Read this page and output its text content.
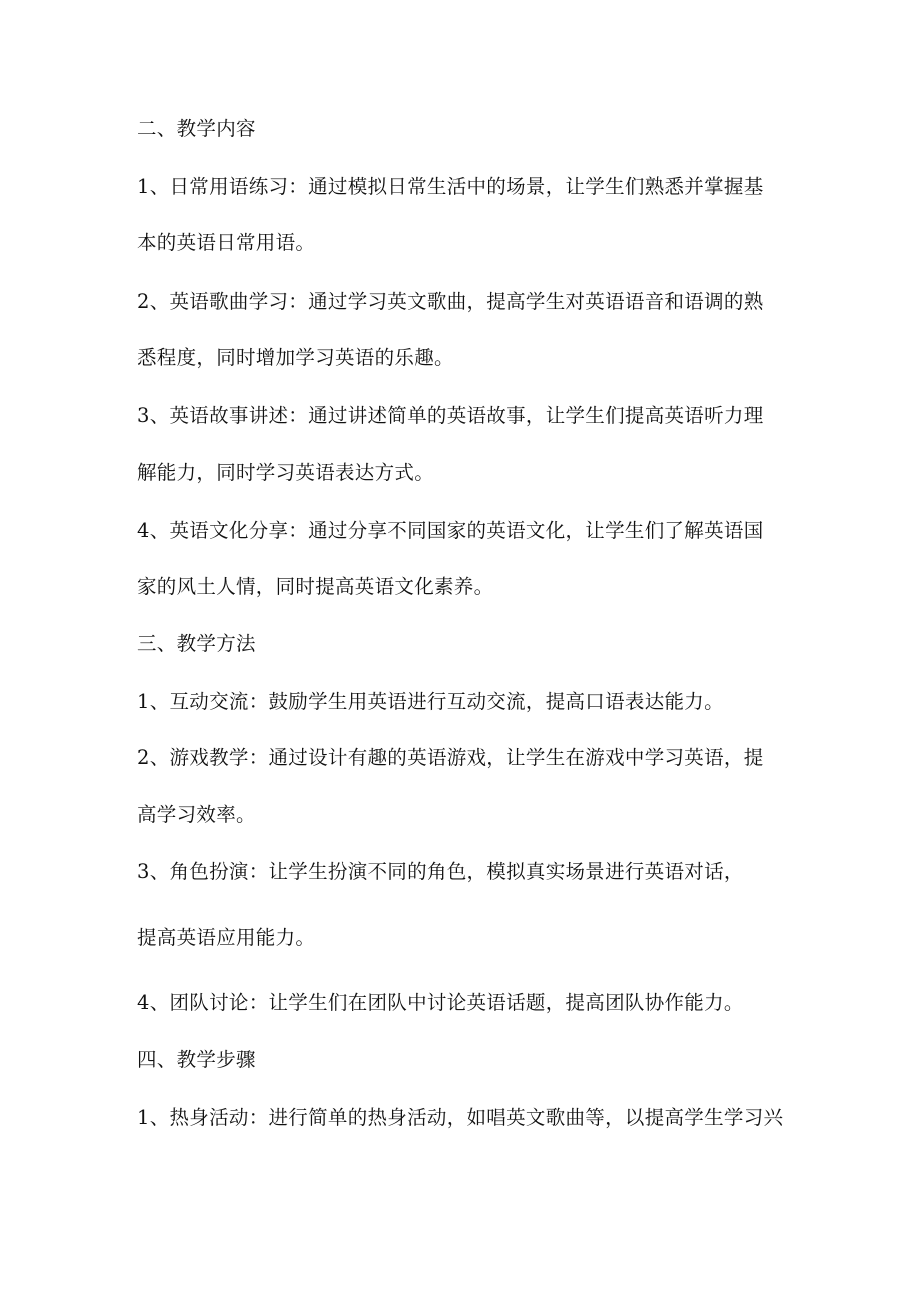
二、教学内容
1、日常用语练习：通过模拟日常生活中的场景，让学生们熟悉并掌握基
本的英语日常用语。
2、英语歌曲学习：通过学习英文歌曲，提高学生对英语语音和语调的熟
悉程度，同时增加学习英语的乐趣。
3、英语故事讲述：通过讲述简单的英语故事，让学生们提高英语听力理
解能力，同时学习英语表达方式。
4、英语文化分享：通过分享不同国家的英语文化，让学生们了解英语国
家的风土人情，同时提高英语文化素养。
三、教学方法
1、互动交流：鼓励学生用英语进行互动交流，提高口语表达能力。
2、游戏教学：通过设计有趣的英语游戏，让学生在游戏中学习英语，提
高学习效率。
3、角色扮演：让学生扮演不同的角色，模拟真实场景进行英语对话，
提高英语应用能力。
4、团队讨论：让学生们在团队中讨论英语话题，提高团队协作能力。
四、教学步骤
1、热身活动：进行简单的热身活动，如唱英文歌曲等，以提高学生学习兴
